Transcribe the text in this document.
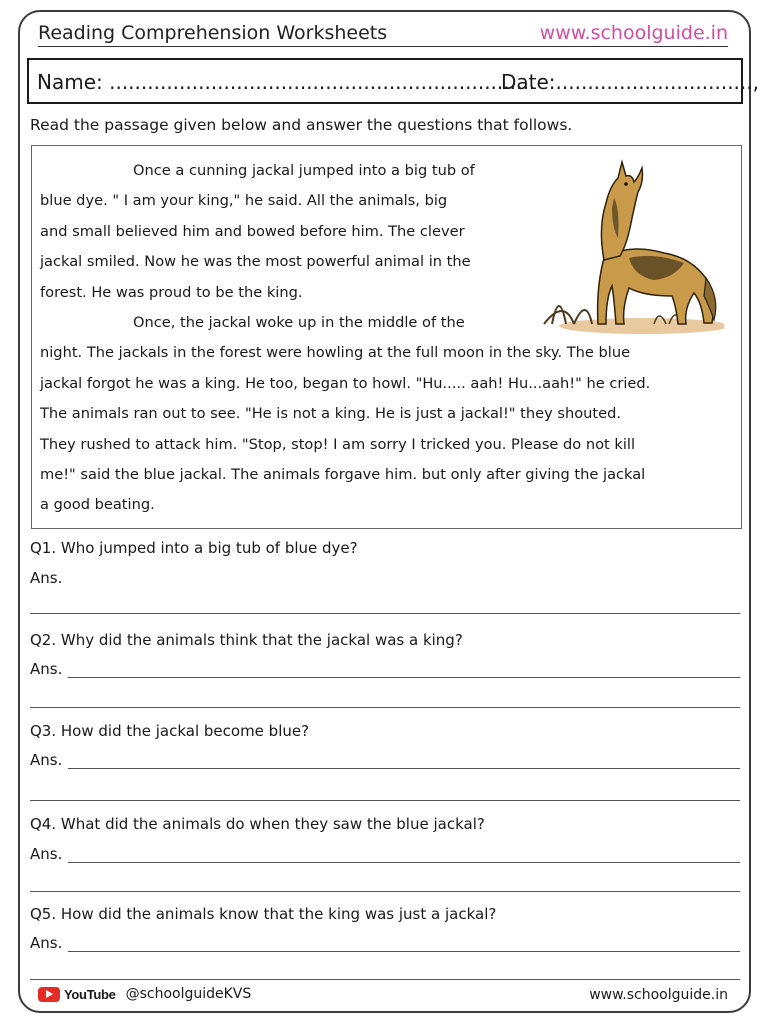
Reading Comprehension Worksheets	www.schoolguide.in
Name: ...................................................................
Date:...............................,
Read the passage given below and answer the questions that follows.
Once a cunning jackal jumped into a big tub of
blue dye. " I am your king," he said. All the animals, big
and small believed him and bowed before him. The clever
jackal smiled. Now he was the most powerful animal in the
forest. He was proud to be the king.
Once, the jackal woke up in the middle of the
night. The jackals in the forest were howling at the full moon in the sky. The blue
jackal forgot he was a king. He too, began to howl. "Hu..... aah! Hu...aah!" he cried.
The animals ran out to see. "He is not a king. He is just a jackal!" they shouted.
They rushed to attack him. "Stop, stop! I am sorry I tricked you. Please do not kill
me!" said the blue jackal. The animals forgave him. but only after giving the jackal
a good beating.
Q1. Who jumped into a big tub of blue dye?
Ans.
Q2. Why did the animals think that the jackal was a king?
Ans.
Q3. How did the jackal become blue?
Ans.
Q4. What did the animals do when they saw the blue jackal?
Ans.
Q5. How did the animals know that the king was just a jackal?
Ans.
YouTube @schoolguideKVS	www.schoolguide.in
